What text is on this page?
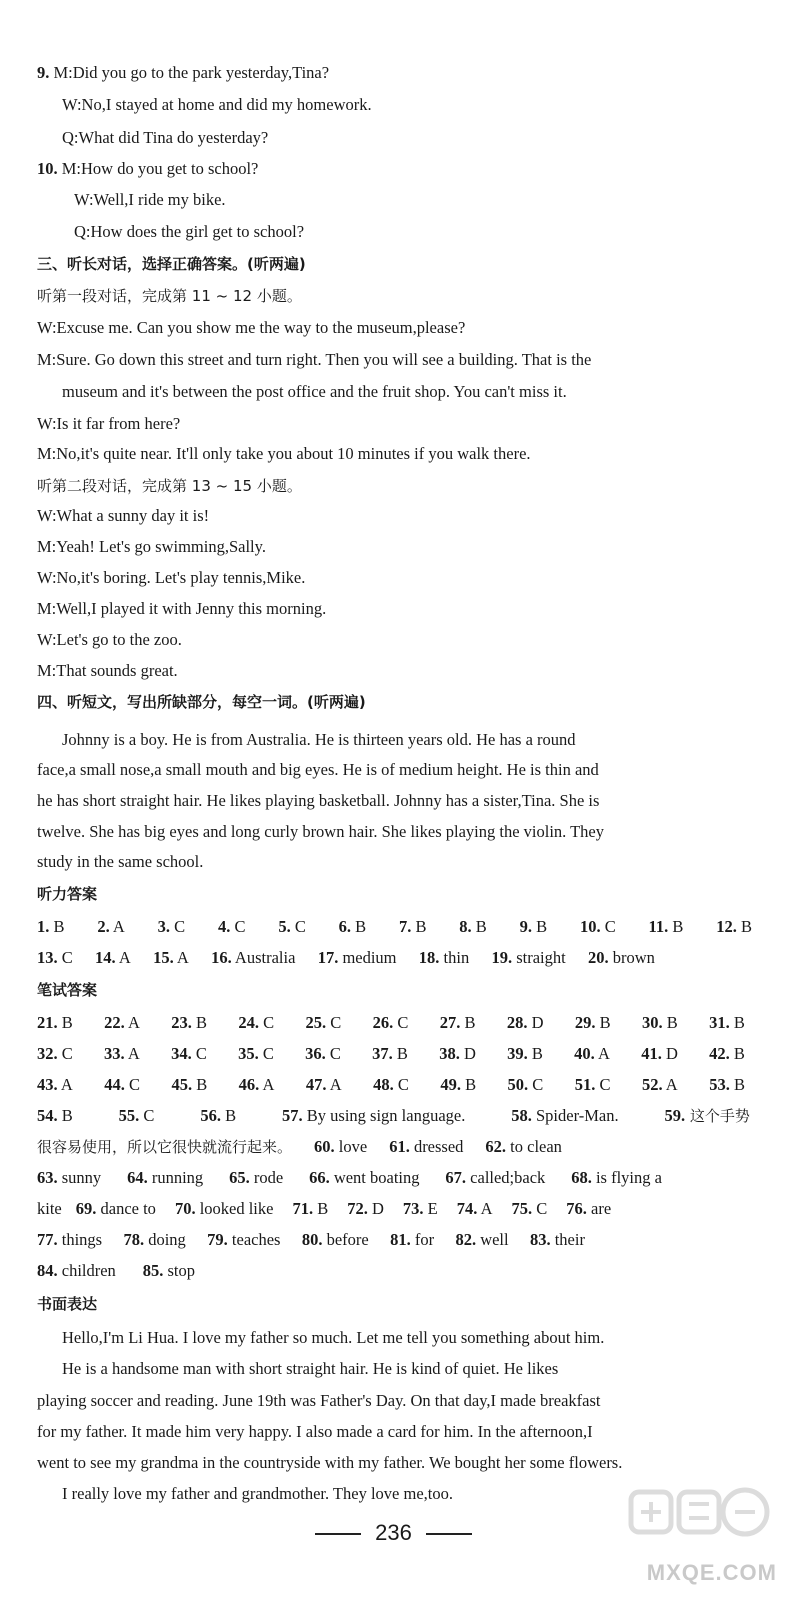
9. M:Did you go to the park yesterday,Tina?
W:No,I stayed at home and did my homework.
Q:What did Tina do yesterday?
10. M:How do you get to school?
W:Well,I ride my bike.
Q:How does the girl get to school?
三、听长对话，选择正确答案。(听两遍)
听第一段对话，完成第 11 ~ 12 小题。
W:Excuse me. Can you show me the way to the museum,please?
M:Sure. Go down this street and turn right. Then you will see a building. That is the
museum and it's between the post office and the fruit shop. You can't miss it.
W:Is it far from here?
M:No,it's quite near. It'll only take you about 10 minutes if you walk there.
听第二段对话，完成第 13 ~ 15 小题。
W:What a sunny day it is!
M:Yeah! Let's go swimming,Sally.
W:No,it's boring. Let's play tennis,Mike.
M:Well,I played it with Jenny this morning.
W:Let's go to the zoo.
M:That sounds great.
四、听短文，写出所缺部分，每空一词。(听两遍)
Johnny is a boy. He is from Australia. He is thirteen years old. He has a round
face,a small nose,a small mouth and big eyes. He is of medium height. He is thin and
he has short straight hair. He likes playing basketball. Johnny has a sister,Tina. She is
twelve. She has big eyes and long curly brown hair. She likes playing the violin. They
study in the same school.
听力答案
1. B 2. A 3. C 4. C 5. C 6. B 7. B 8. B 9. B 10. C 11. B 12. B
13. C 14. A 15. A 16. Australia 17. medium 18. thin 19. straight 20. brown
笔试答案
21. B 22. A 23. B 24. C 25. C 26. C 27. B 28. D 29. B 30. B 31. B
32. C 33. A 34. C 35. C 36. C 37. B 38. D 39. B 40. A 41. D 42. B
43. A 44. C 45. B 46. A 47. A 48. C 49. B 50. C 51. C 52. A 53. B
54. B	55. C	56. B	57. By using sign language.	58. Spider-Man.	59. 这个手势
很容易使用，所以它很快就流行起来。 60. love 61. dressed 62. to clean
63. sunny 64. running 65. rode 66. went boating 67. called;back 68. is flying a
kite 69. dance to 70. looked like 71. B 72. D 73. E 74. A 75. C 76. are
77. things 78. doing 79. teaches 80. before 81. for 82. well 83. their
84. children 85. stop
书面表达
Hello,I'm Li Hua. I love my father so much. Let me tell you something about him.
He is a handsome man with short straight hair. He is kind of quiet. He likes
playing soccer and reading. June 19th was Father's Day. On that day,I made breakfast
for my father. It made him very happy. I also made a card for him. In the afternoon,I
went to see my grandma in the countryside with my father. We bought her some flowers.
I really love my father and grandmother. They love me,too.
236
MXQE.COM
